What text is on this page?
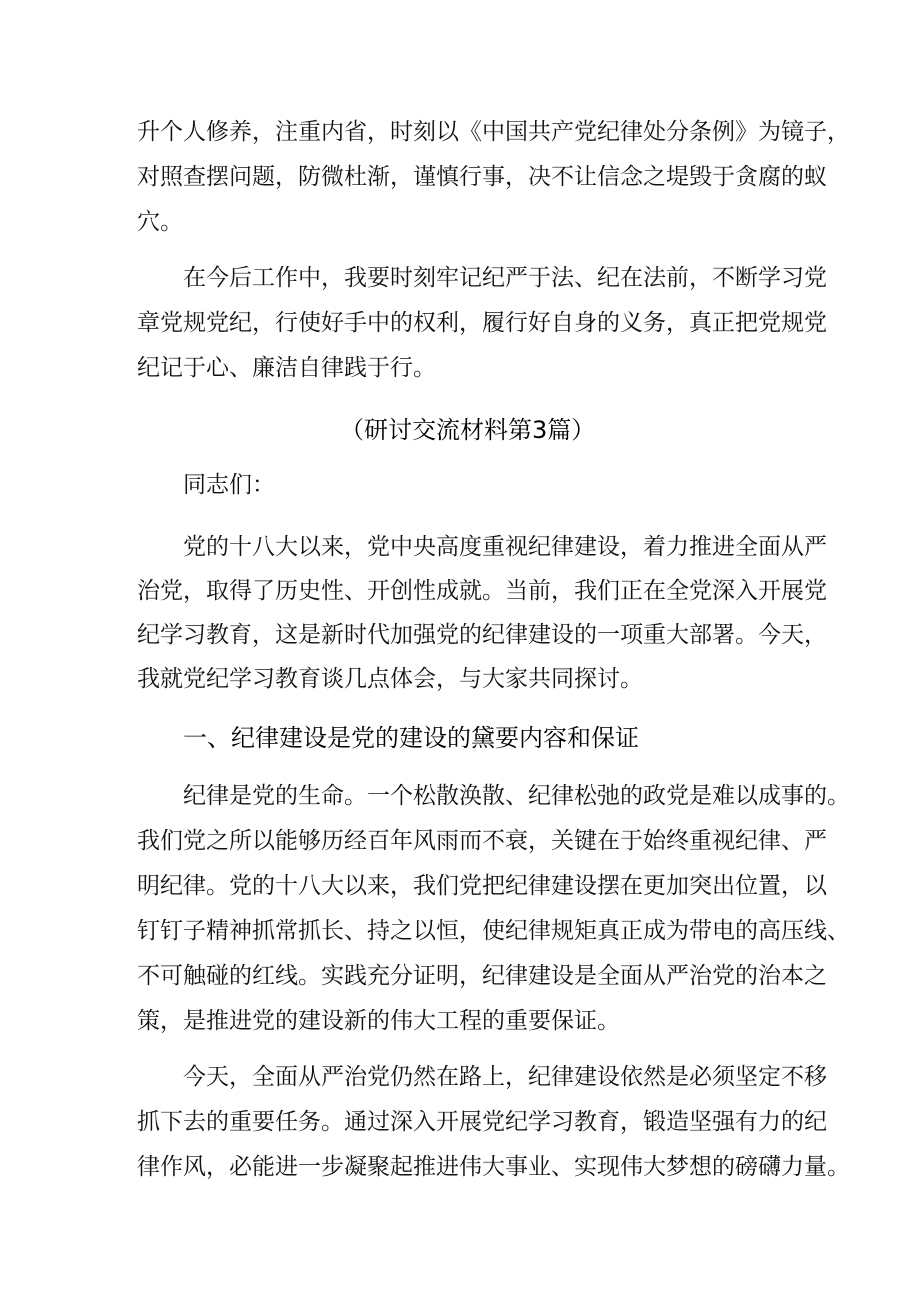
升个人修养，注重内省，时刻以《中国共产党纪律处分条例》为镜子，
对照查摆问题，防微杜渐，谨慎行事，决不让信念之堤毁于贪腐的蚁
穴。
在今后工作中，我要时刻牢记纪严于法、纪在法前，不断学习党
章党规党纪，行使好手中的权利，履行好自身的义务，真正把党规党
纪记于心、廉洁自律践于行。
（研讨交流材料第3篇）
同志们：
党的十八大以来，党中央高度重视纪律建设，着力推进全面从严
治党，取得了历史性、开创性成就。当前，我们正在全党深入开展党
纪学习教育，这是新时代加强党的纪律建设的一项重大部署。今天，
我就党纪学习教育谈几点体会，与大家共同探讨。
一、纪律建设是党的建设的黛要内容和保证
纪律是党的生命。一个松散涣散、纪律松弛的政党是难以成事的。
我们党之所以能够历经百年风雨而不衰，关键在于始终重视纪律、严
明纪律。党的十八大以来，我们党把纪律建设摆在更加突出位置，以
钉钉子精神抓常抓长、持之以恒，使纪律规矩真正成为带电的高压线、
不可触碰的红线。实践充分证明，纪律建设是全面从严治党的治本之
策，是推进党的建设新的伟大工程的重要保证。
今天，全面从严治党仍然在路上，纪律建设依然是必须坚定不移
抓下去的重要任务。通过深入开展党纪学习教育，锻造坚强有力的纪
律作风，必能进一步凝聚起推进伟大事业、实现伟大梦想的磅礴力量。
